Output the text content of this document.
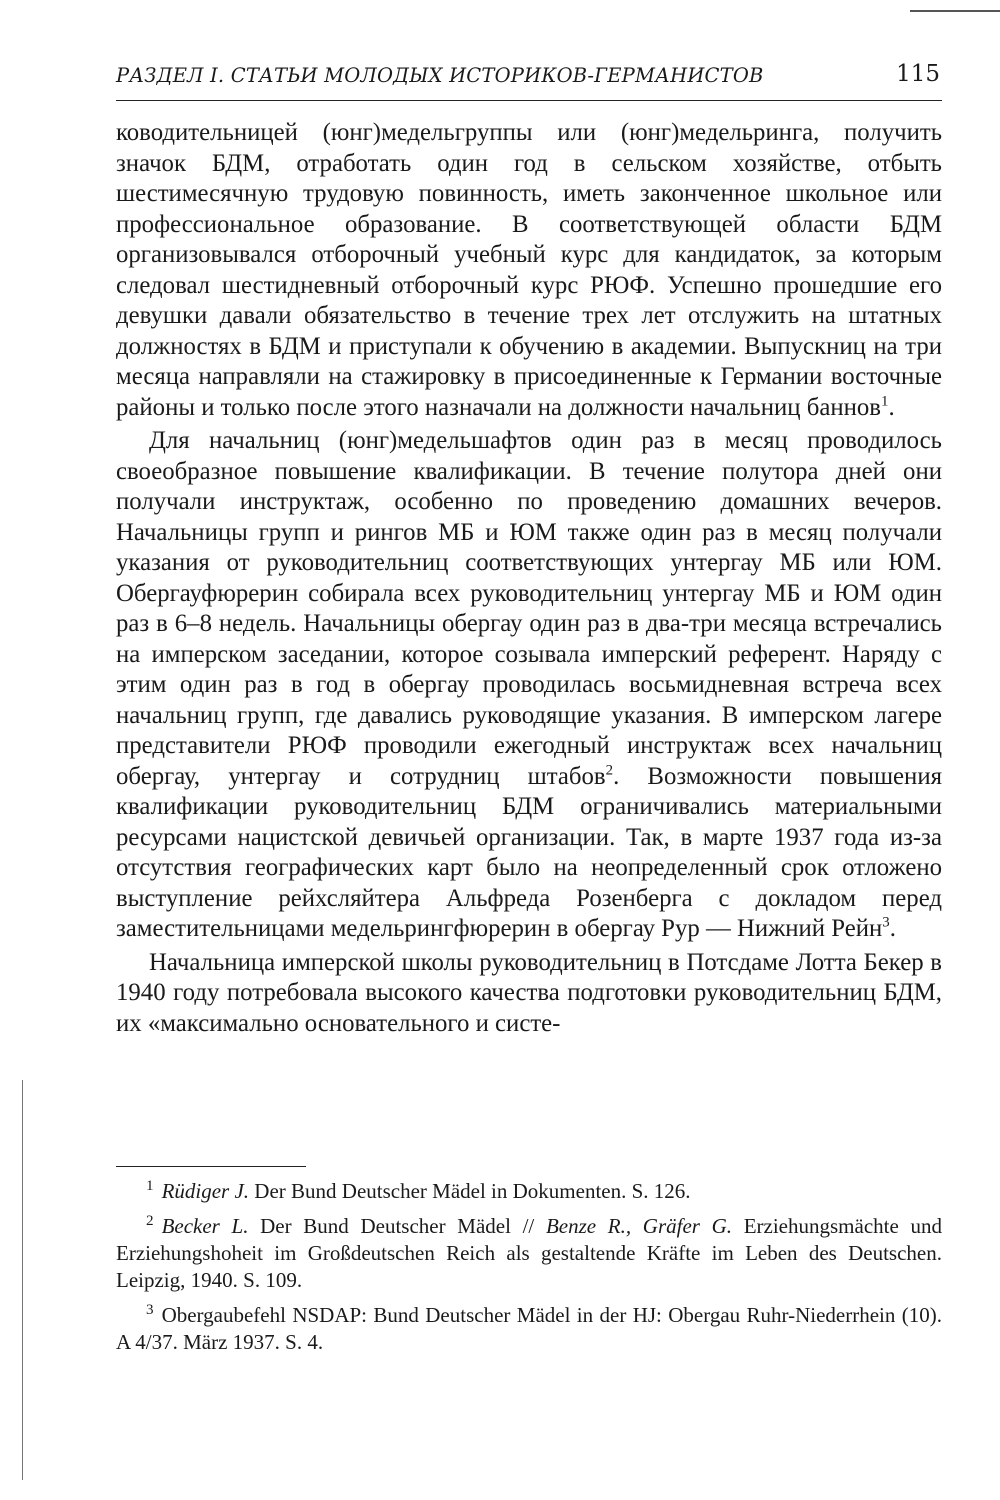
РАЗДЕЛ I. СТАТЬИ МОЛОДЫХ ИСТОРИКОВ-ГЕРМАНИСТОВ	115

ководительницей (юнг)медельгруппы или (юнг)медельринга, получить значок БДМ, отработать один год в сельском хозяйстве, отбыть шестимесячную трудовую повинность, иметь законченное школьное или профессиональное образование. В соответствующей области БДМ организовывался отборочный учебный курс для кандидаток, за которым следовал шестидневный отборочный курс РЮФ. Успешно прошедшие его девушки давали обязательство в течение трех лет отслужить на штатных должностях в БДМ и приступали к обучению в академии. Выпускниц на три месяца направляли на стажировку в присоединенные к Германии восточные районы и только после этого назначали на должности начальниц баннов$^1$.

Для начальниц (юнг)медельшафтов один раз в месяц проводилось своеобразное повышение квалификации. В течение полутора дней они получали инструктаж, особенно по проведению домашних вечеров. Начальницы групп и рингов МБ и ЮМ также один раз в месяц получали указания от руководительниц соответствующих унтергау МБ или ЮМ. Обергауфюрерин собирала всех руководительниц унтергау МБ и ЮМ один раз в 6–8 недель. Начальницы обергау один раз в два-три месяца встречались на имперском заседании, которое созывала имперский референт. Наряду с этим один раз в год в обергау проводилась восьмидневная встреча всех начальниц групп, где давались руководящие указания. В имперском лагере представители РЮФ проводили ежегодный инструктаж всех начальниц обергау, унтергау и сотрудниц штабов$^2$. Возможности повышения квалификации руководительниц БДМ ограничивались материальными ресурсами нацистской девичьей организации. Так, в марте 1937 года из-за отсутствия географических карт было на неопределенный срок отложено выступление рейхсляйтера Альфреда Розенберга с докладом перед заместительницами медельрингфюрерин в обергау Рур — Нижний Рейн$^3$.

Начальница имперской школы руководительниц в Потсдаме Лотта Бекер в 1940 году потребовала высокого качества подготовки руководительниц БДМ, их «максимально основательного и систе-

$^1$ Rüdiger J. Der Bund Deutscher Mädel in Dokumenten. S. 126.

$^2$ Becker L. Der Bund Deutscher Mädel // Benze R., Gräfer G. Erziehungsmächte und Erziehungshoheit im Großdeutschen Reich als gestaltende Kräfte im Leben des Deutschen. Leipzig, 1940. S. 109.

$^3$ Obergaubefehl NSDAP: Bund Deutscher Mädel in der HJ: Obergau Ruhr-Niederrhein (10). A 4/37. März 1937. S. 4.
